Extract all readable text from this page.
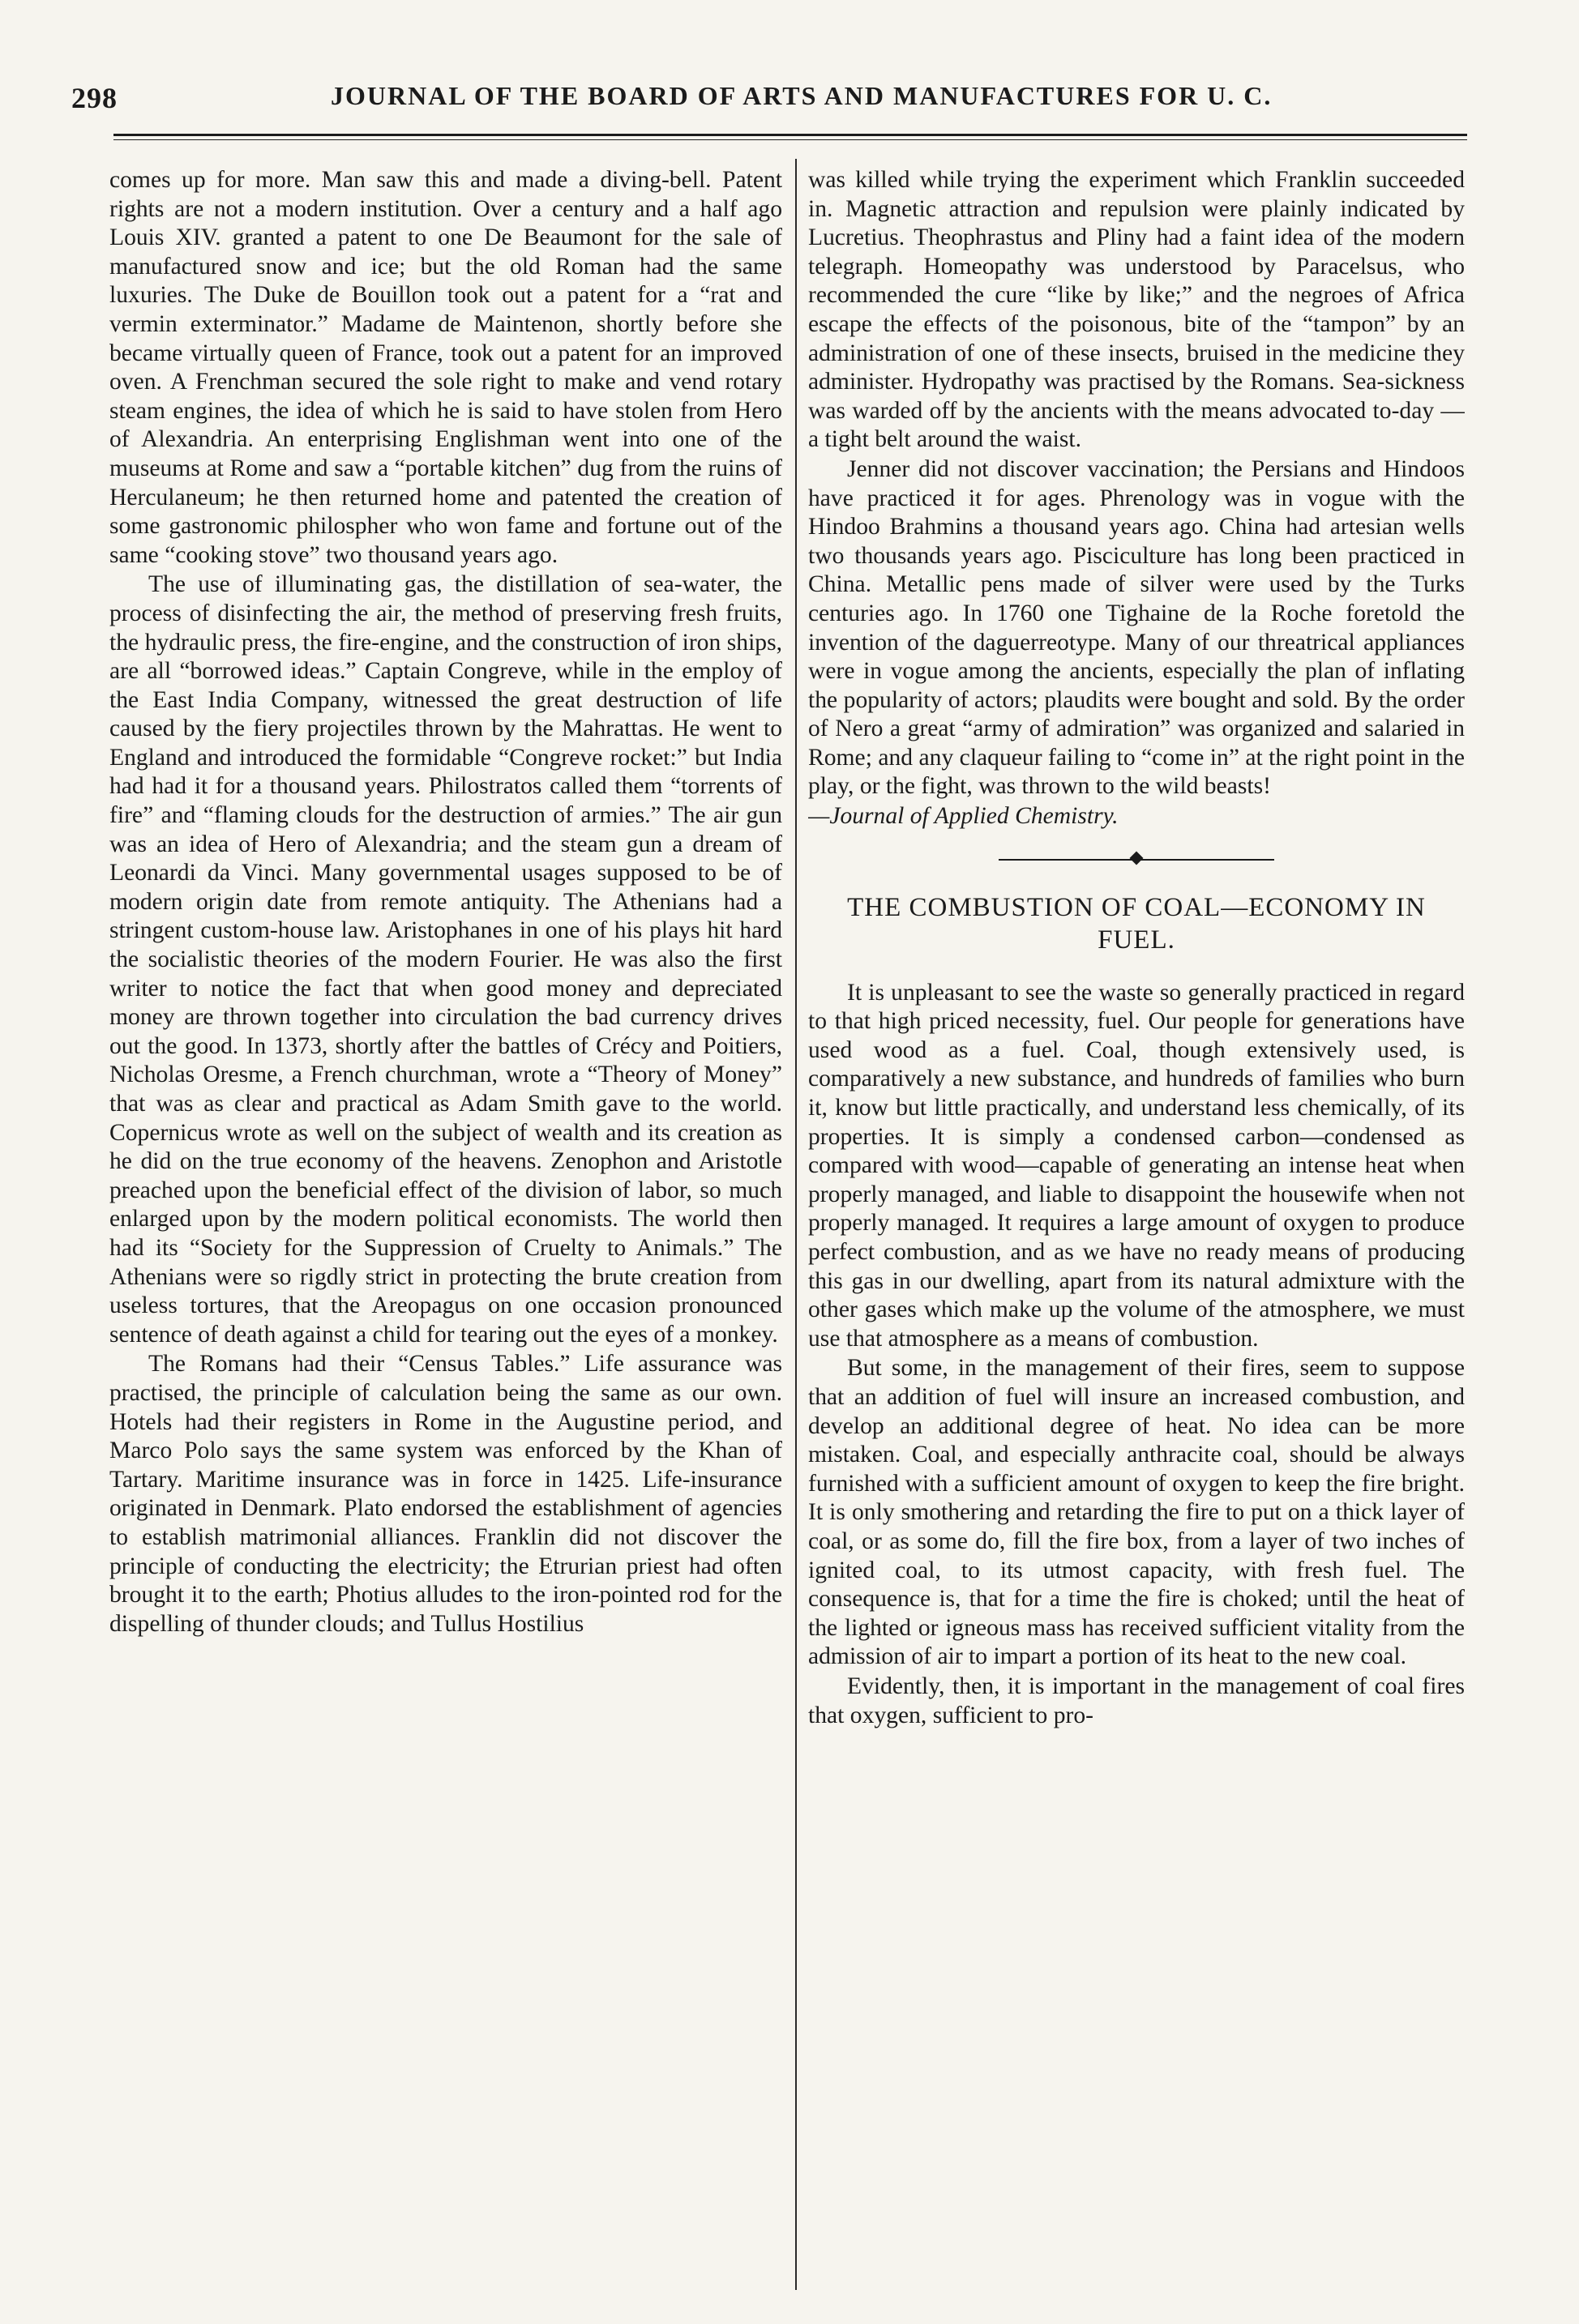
298	JOURNAL OF THE BOARD OF ARTS AND MANUFACTURES FOR U. C.

comes up for more. Man saw this and made a diving-bell. Patent rights are not a modern institution. Over a century and a half ago Louis XIV. granted a patent to one De Beaumont for the sale of manufactured snow and ice; but the old Roman had the same luxuries. The Duke de Bouillon took out a patent for a “rat and vermin exterminator.” Madame de Maintenon, shortly before she became virtually queen of France, took out a patent for an improved oven. A Frenchman secured the sole right to make and vend rotary steam engines, the idea of which he is said to have stolen from Hero of Alexandria. An enterprising Englishman went into one of the museums at Rome and saw a “portable kitchen” dug from the ruins of Herculaneum; he then returned home and patented the creation of some gastronomic philospher who won fame and fortune out of the same “cooking stove” two thousand years ago.

The use of illuminating gas, the distillation of sea-water, the process of disinfecting the air, the method of preserving fresh fruits, the hydraulic press, the fire-engine, and the construction of iron ships, are all “borrowed ideas.” Captain Congreve, while in the employ of the East India Company, witnessed the great destruction of life caused by the fiery projectiles thrown by the Mahrattas. He went to England and introduced the formidable “Congreve rocket:” but India had had it for a thousand years. Philostratos called them “torrents of fire” and “flaming clouds for the destruction of armies.” The air gun was an idea of Hero of Alexandria; and the steam gun a dream of Leonardi da Vinci. Many governmental usages supposed to be of modern origin date from remote antiquity. The Athenians had a stringent custom-house law. Aristophanes in one of his plays hit hard the socialistic theories of the modern Fourier. He was also the first writer to notice the fact that when good money and depreciated money are thrown together into circulation the bad currency drives out the good. In 1373, shortly after the battles of Crécy and Poitiers, Nicholas Oresme, a French churchman, wrote a “Theory of Money” that was as clear and practical as Adam Smith gave to the world. Copernicus wrote as well on the subject of wealth and its creation as he did on the true economy of the heavens. Zenophon and Aristotle preached upon the beneficial effect of the division of labor, so much enlarged upon by the modern political economists. The world then had its “Society for the Suppression of Cruelty to Animals.” The Athenians were so rigdly strict in protecting the brute creation from useless tortures, that the Areopagus on one occasion pronounced sentence of death against a child for tearing out the eyes of a monkey.

The Romans had their “Census Tables.” Life assurance was practised, the principle of calculation being the same as our own. Hotels had their registers in Rome in the Augustine period, and Marco Polo says the same system was enforced by the Khan of Tartary. Maritime insurance was in force in 1425. Life-insurance originated in Denmark. Plato endorsed the establishment of agencies to establish matrimonial alliances. Franklin did not discover the principle of conducting the electricity; the Etrurian priest had often brought it to the earth; Photius alludes to the iron-pointed rod for the dispelling of thunder clouds; and Tullus Hostilius

was killed while trying the experiment which Franklin succeeded in. Magnetic attraction and repulsion were plainly indicated by Lucretius. Theophrastus and Pliny had a faint idea of the modern telegraph. Homeopathy was understood by Paracelsus, who recommended the cure “like by like;” and the negroes of Africa escape the effects of the poisonous, bite of the “tampon” by an administration of one of these insects, bruised in the medicine they administer. Hydropathy was practised by the Romans. Sea-sickness was warded off by the ancients with the means advocated to-day —a tight belt around the waist.

Jenner did not discover vaccination; the Persians and Hindoos have practiced it for ages. Phrenology was in vogue with the Hindoo Brahmins a thousand years ago. China had artesian wells two thousands years ago. Pisciculture has long been practiced in China. Metallic pens made of silver were used by the Turks centuries ago. In 1760 one Tighaine de la Roche foretold the invention of the daguerreotype. Many of our threatrical appliances were in vogue among the ancients, especially the plan of inflating the popularity of actors; plaudits were bought and sold. By the order of Nero a great “army of admiration” was organized and salaried in Rome; and any claqueur failing to “come in” at the right point in the play, or the fight, was thrown to the wild beasts!

—Journal of Applied Chemistry.

THE COMBUSTION OF COAL—ECONOMY IN FUEL.

It is unpleasant to see the waste so generally practiced in regard to that high priced necessity, fuel. Our people for generations have used wood as a fuel. Coal, though extensively used, is comparatively a new substance, and hundreds of families who burn it, know but little practically, and understand less chemically, of its properties. It is simply a condensed carbon—condensed as compared with wood—capable of generating an intense heat when properly managed, and liable to disappoint the housewife when not properly managed. It requires a large amount of oxygen to produce perfect combustion, and as we have no ready means of producing this gas in our dwelling, apart from its natural admixture with the other gases which make up the volume of the atmosphere, we must use that atmosphere as a means of combustion.

But some, in the management of their fires, seem to suppose that an addition of fuel will insure an increased combustion, and develop an additional degree of heat. No idea can be more mistaken. Coal, and especially anthracite coal, should be always furnished with a sufficient amount of oxygen to keep the fire bright. It is only smothering and retarding the fire to put on a thick layer of coal, or as some do, fill the fire box, from a layer of two inches of ignited coal, to its utmost capacity, with fresh fuel. The consequence is, that for a time the fire is choked; until the heat of the lighted or igneous mass has received sufficient vitality from the admission of air to impart a portion of its heat to the new coal.

Evidently, then, it is important in the management of coal fires that oxygen, sufficient to pro-
